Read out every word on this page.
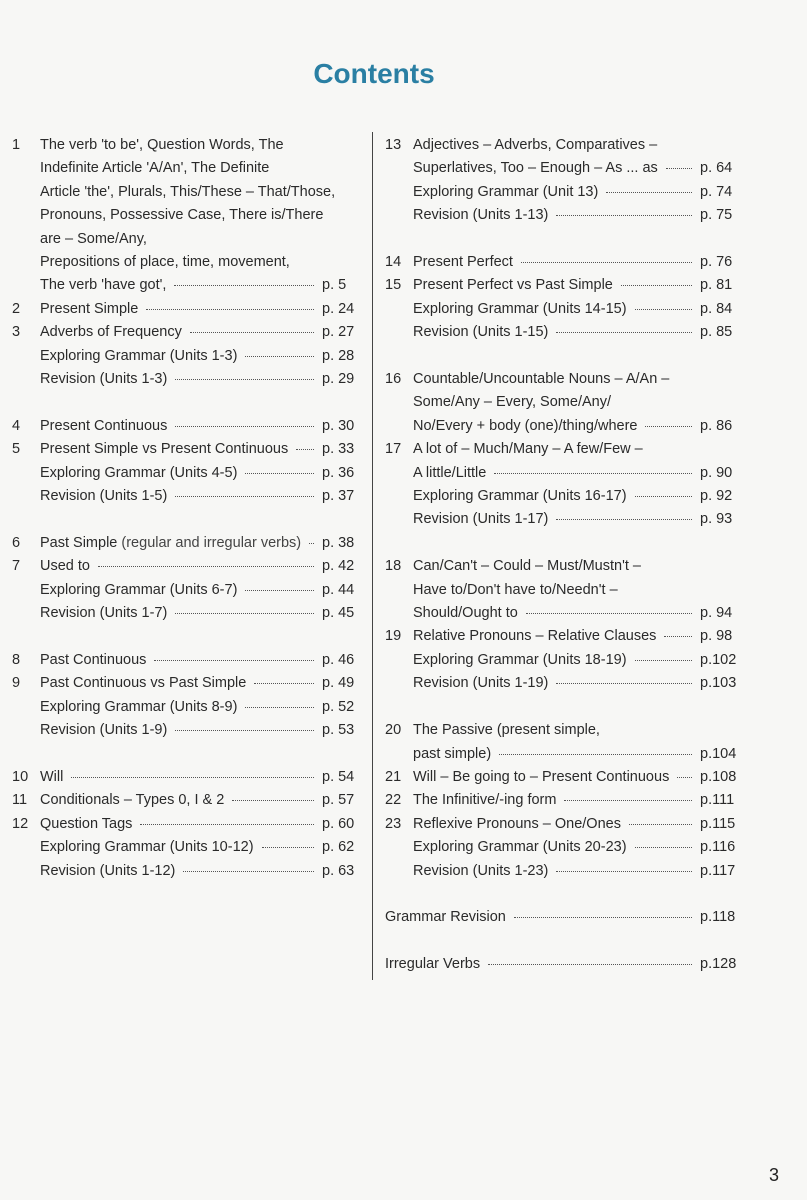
Contents
1	The verb 'to be', Question Words, The
Indefinite Article 'A/An', The Definite
Article 'the', Plurals, This/These – That/Those,
Pronouns, Possessive Case, There is/There
are – Some/Any,
Prepositions of place, time, movement,
The verb 'have got',	p. 5
2	Present Simple	p. 24
3	Adverbs of Frequency	p. 27
Exploring Grammar (Units 1-3)	p. 28
Revision (Units 1-3)	p. 29
4	Present Continuous	p. 30
5	Present Simple vs Present Continuous p. 33
Exploring Grammar (Units 4-5)	p. 36
Revision (Units 1-5)	p. 37
6	Past Simple (regular and irregular verbs) p. 38
7	Used to	p. 42
Exploring Grammar (Units 6-7)	p. 44
Revision (Units 1-7)	p. 45
8	Past Continuous	p. 46
9	Past Continuous vs Past Simple	p. 49
Exploring Grammar (Units 8-9)	p. 52
Revision (Units 1-9)	p. 53
10 Will	p. 54
11 Conditionals – Types 0, I & 2	p. 57
12 Question Tags	p. 60
Exploring Grammar (Units 10-12)	p. 62
Revision (Units 1-12)	p. 63
13 Adjectives – Adverbs, Comparatives –
Superlatives, Too – Enough – As ... as	p. 64
Exploring Grammar (Unit 13)	p. 74
Revision (Units 1-13)	p. 75
14 Present Perfect	p. 76
15 Present Perfect vs Past Simple	p. 81
Exploring Grammar (Units 14-15)	p. 84
Revision (Units 1-15)	p. 85
16 Countable/Uncountable Nouns – A/An –
Some/Any – Every, Some/Any/
No/Every + body (one)/thing/where	p. 86
17 A lot of – Much/Many – A few/Few –
A little/Little	p. 90
Exploring Grammar (Units 16-17)	p. 92
Revision (Units 1-17)	p. 93
18 Can/Can't – Could – Must/Mustn't –
Have to/Don't have to/Needn't –
Should/Ought to	p. 94
19 Relative Pronouns – Relative Clauses	p. 98
Exploring Grammar (Units 18-19)	p.102
Revision (Units 1-19)	p.103
20 The Passive (present simple,
past simple)	p.104
21 Will – Be going to – Present Continuous p.108
22 The Infinitive/-ing form	p.111
23 Reflexive Pronouns – One/Ones	p.115
Exploring Grammar (Units 20-23)	p.116
Revision (Units 1-23)	p.117
Grammar Revision	p.118
Irregular Verbs	p.128
3
